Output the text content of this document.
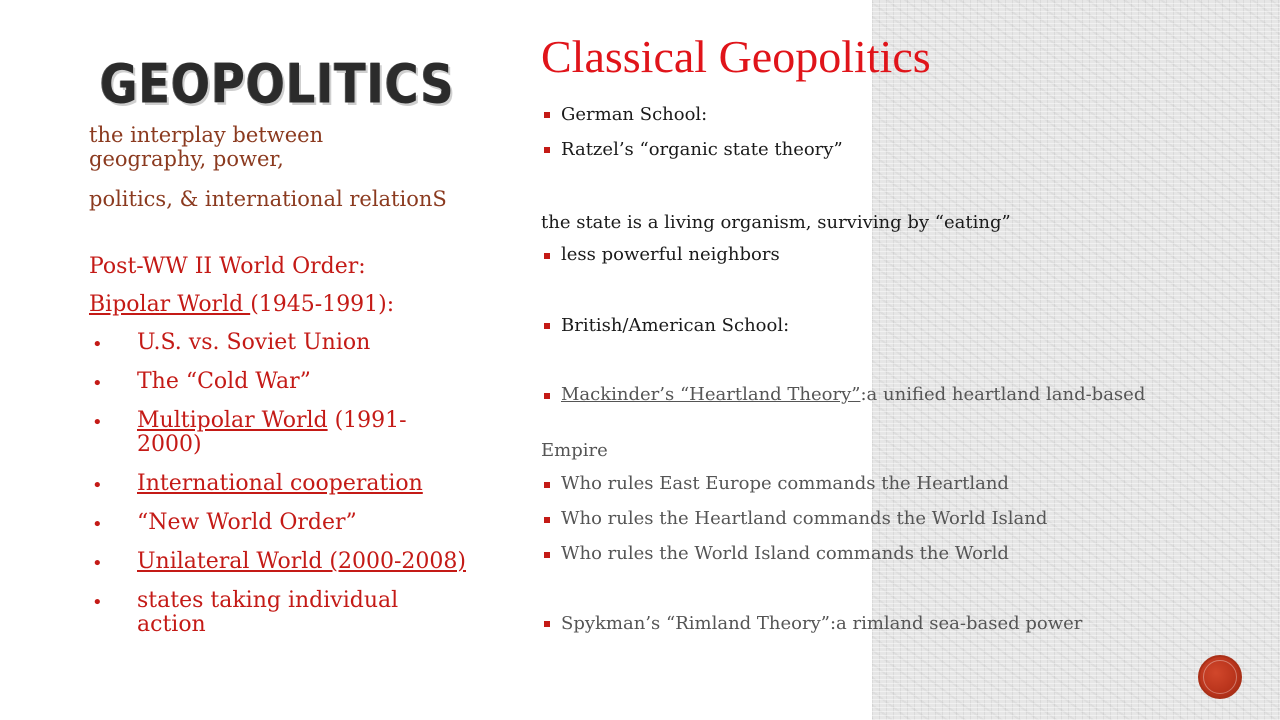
GEOPOLITICS

the interplay between

geography, power,

politics, & international relationS

Post-WW II World Order:

Bipolar World (1945-1991):

• U.S. vs. Soviet Union
• The “Cold War”
• Multipolar World (1991-2000)
• International cooperation
• “New World Order”
• Unilateral World (2000-2008)
• states taking individual action
Classical Geopolitics
German School:
Ratzel’s “organic state theory”
the state is a living organism, surviving by “eating”
less powerful neighbors
British/American School:
Mackinder’s “Heartland Theory”:a unified heartland land-based
Empire
Who rules East Europe commands the Heartland
Who rules the Heartland commands the World Island
Who rules the World Island commands the World
Spykman’s “Rimland Theory”:a rimland sea-based power
